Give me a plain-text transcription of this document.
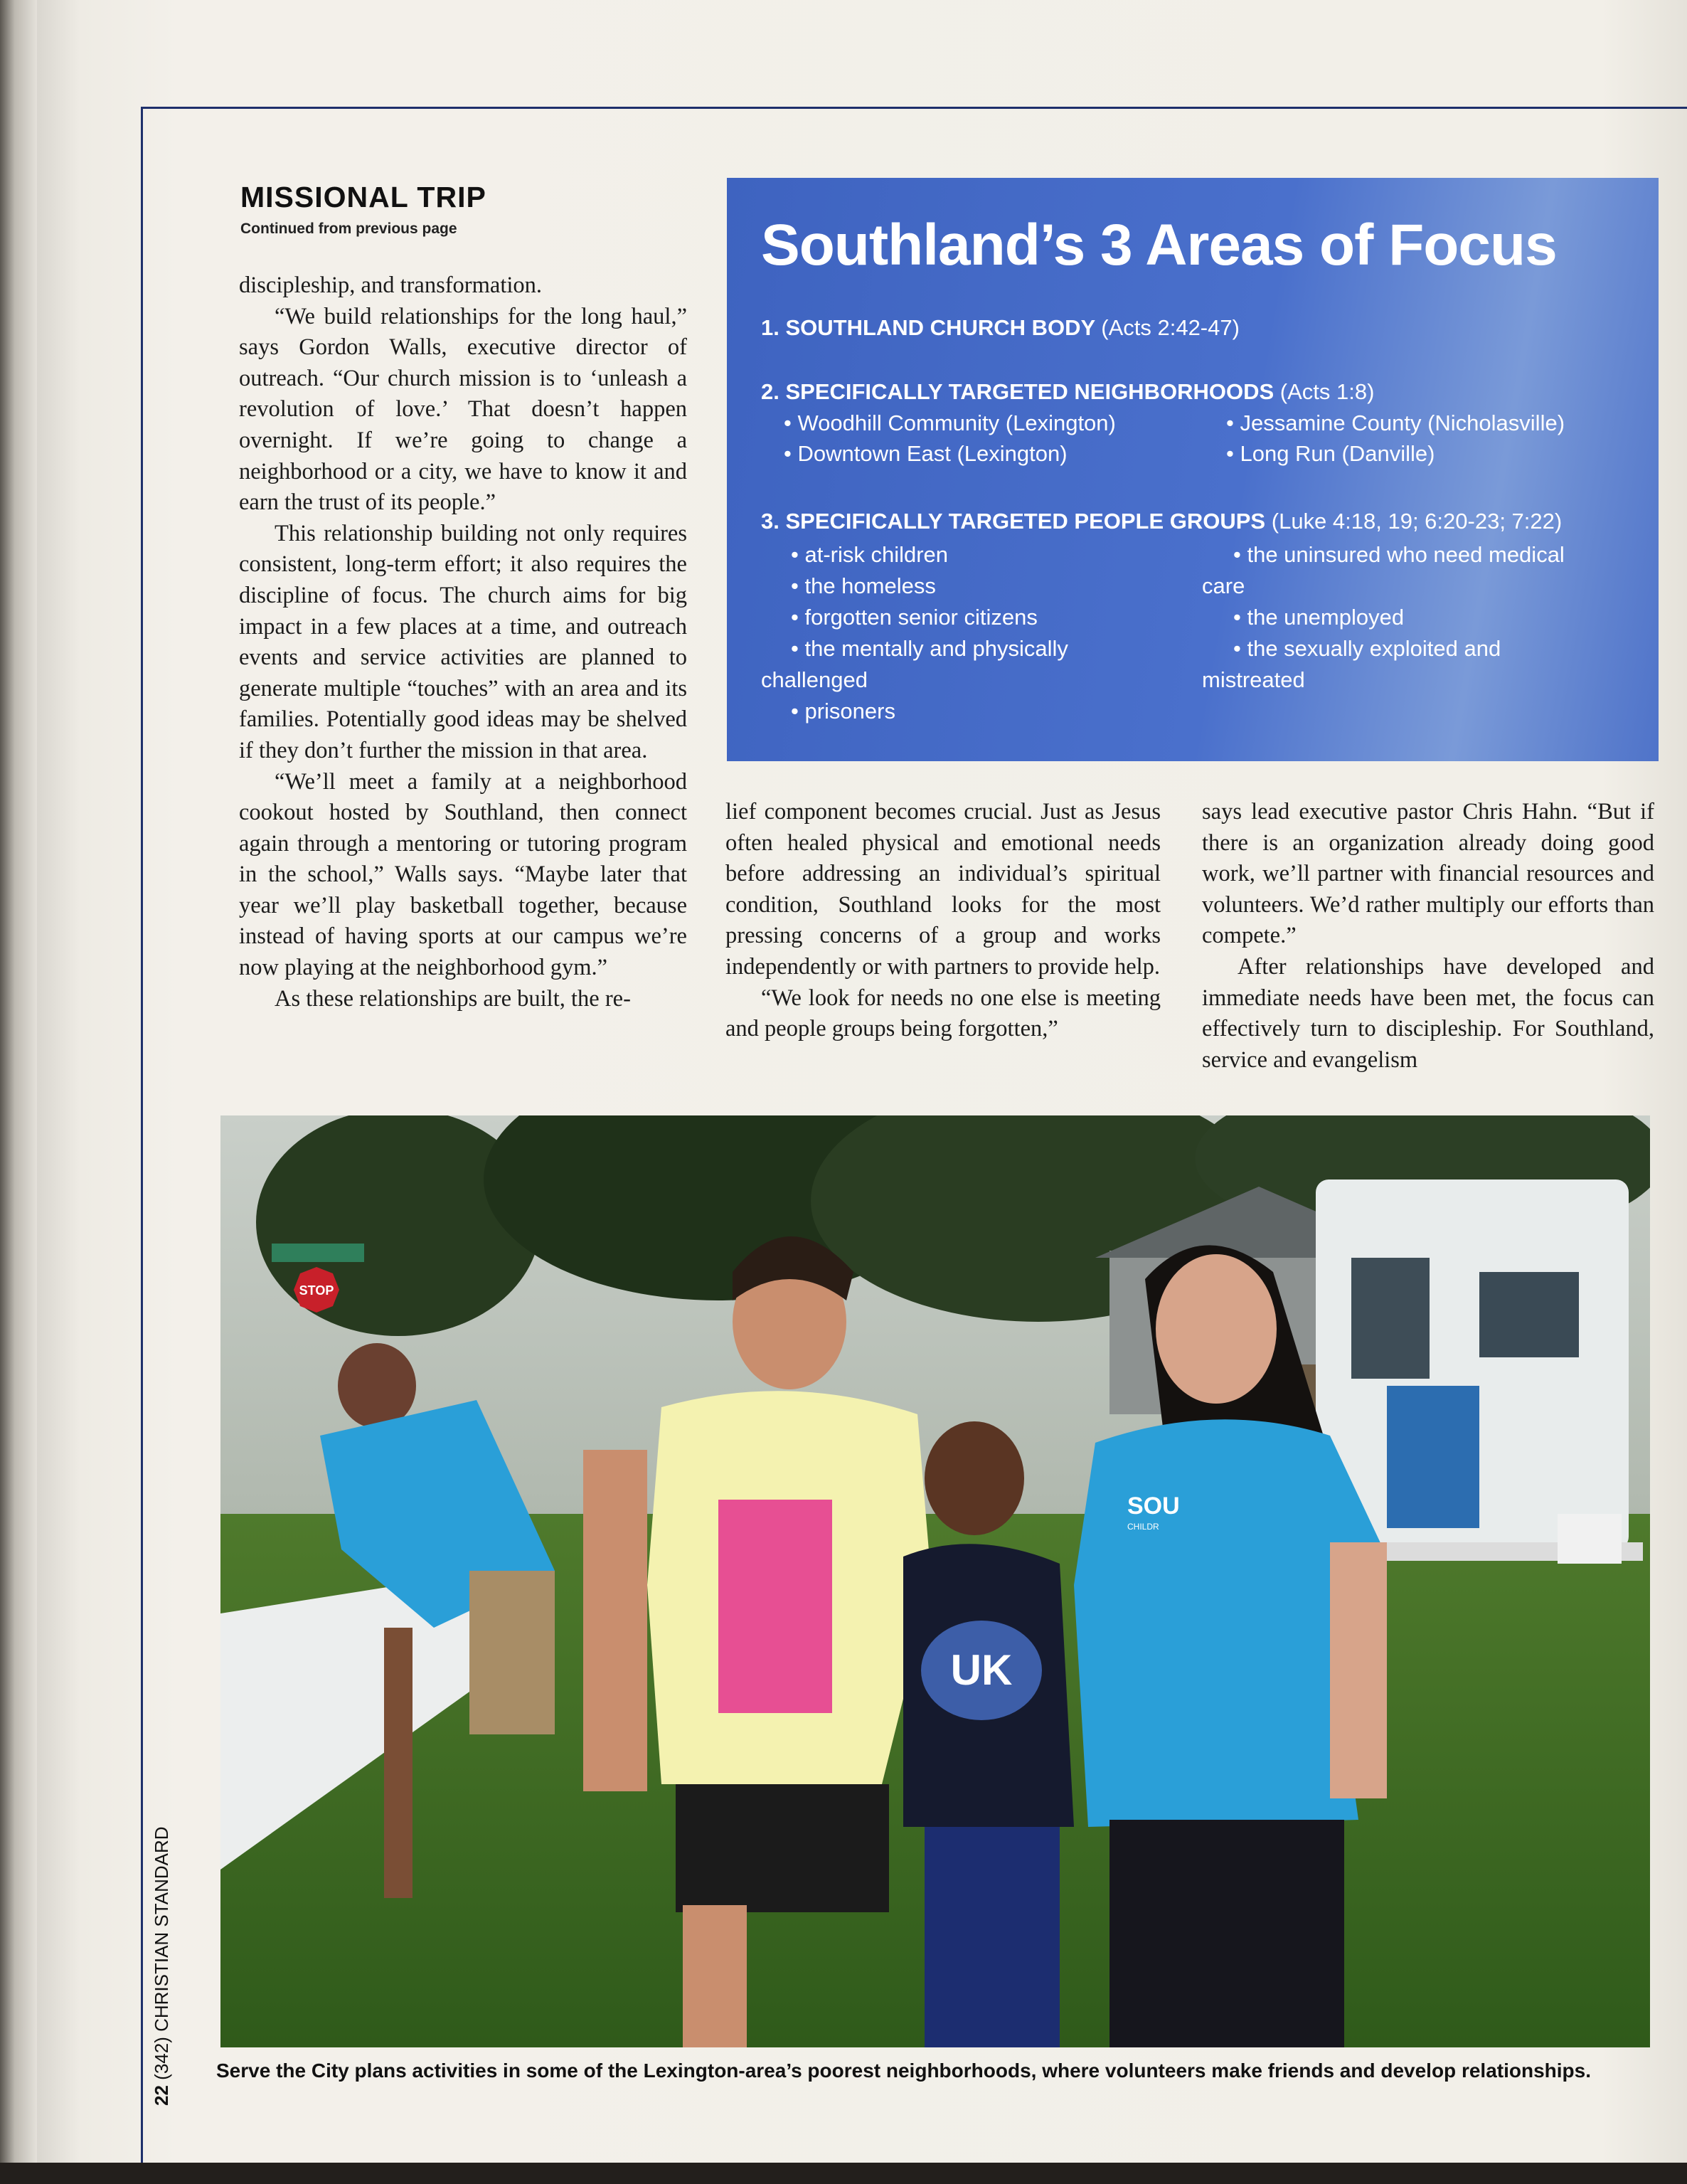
MISSIONAL TRIP
Continued from previous page

discipleship, and transformation.

“We build relationships for the long haul,” says Gordon Walls, executive director of outreach. “Our church mission is to ‘unleash a revolution of love.’ That doesn’t happen overnight. If we’re going to change a neighborhood or a city, we have to know it and earn the trust of its people.”

This relationship building not only requires consistent, long-term effort; it also requires the discipline of focus. The church aims for big impact in a few places at a time, and outreach events and service activities are planned to generate multiple “touches” with an area and its families. Potentially good ideas may be shelved if they don’t further the mission in that area.

“We’ll meet a family at a neighborhood cookout hosted by Southland, then connect again through a mentoring or tutoring program in the school,” Walls says. “Maybe later that year we’ll play basketball together, because instead of having sports at our campus we’re now playing at the neighborhood gym.”

As these relationships are built, the re-

Southland’s 3 Areas of Focus
1. SOUTHLAND CHURCH BODY (Acts 2:42-47)
2. SPECIFICALLY TARGETED NEIGHBORHOODS (Acts 1:8)
• Woodhill Community (Lexington)	• Jessamine County (Nicholasville)
• Downtown East (Lexington)	• Long Run (Danville)
3. SPECIFICALLY TARGETED PEOPLE GROUPS (Luke 4:18, 19; 6:20-23; 7:22)
• at-risk children
• the homeless
• forgotten senior citizens
• the mentally and physically
challenged
• prisoners
• the uninsured who need medical
care
• the unemployed
• the sexually exploited and
mistreated

lief component becomes crucial. Just as Jesus often healed physical and emotional needs before addressing an individual’s spiritual condition, Southland looks for the most pressing concerns of a group and works independently or with partners to provide help.

“We look for needs no one else is meeting and people groups being forgotten,”

says lead executive pastor Chris Hahn. “But if there is an organization already doing good work, we’ll partner with financial resources and volunteers. We’d rather multiply our efforts than compete.”

After relationships have developed and immediate needs have been met, the focus can effectively turn to discipleship. For Southland, service and evangelism

STOP
UK
SOU
CHILDR
Serve the City plans activities in some of the Lexington-area’s poorest neighborhoods, where volunteers make friends and develop relationships.
22 (342) CHRISTIAN STANDARD
